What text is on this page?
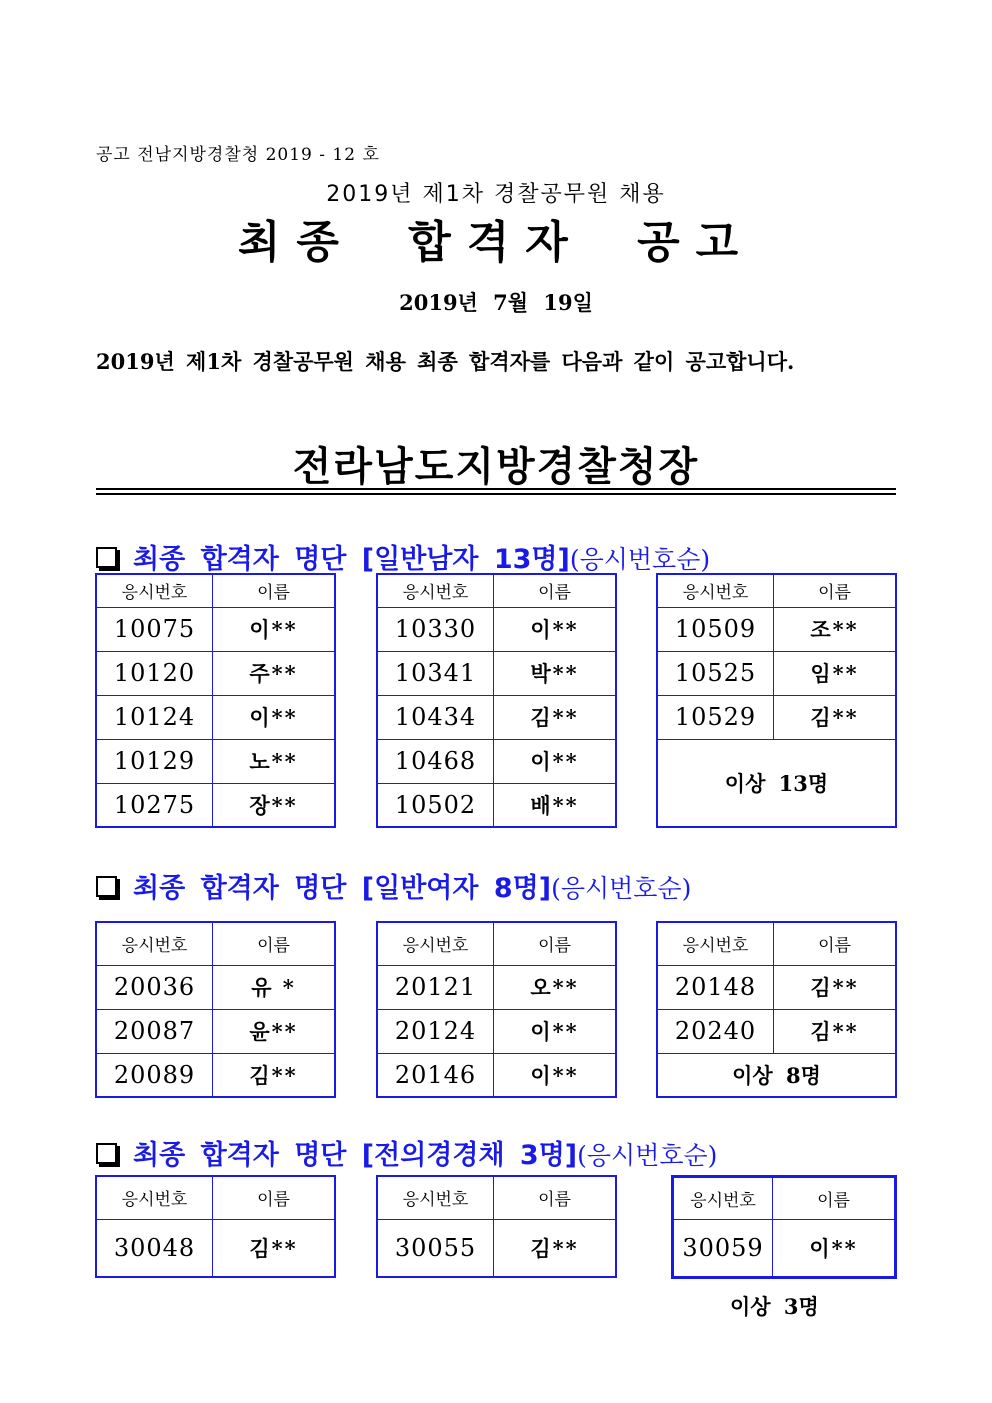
공고 전남지방경찰청 2019 - 12 호
2019년 제1차 경찰공무원 채용
최종 합격자 공고
2019년 7월 19일
2019년 제1차 경찰공무원 채용 최종 합격자를 다음과 같이 공고합니다.
전라남도지방경찰청장
최종 합격자 명단 [일반남자 13명] (응시번호순)
응시번호	이름
10075	이**
10120	주**
10124	이**
10129	노**
10275	장**
응시번호	이름
10330	이**
10341	박**
10434	김**
10468	이**
10502	배**
응시번호	이름
10509	조**
10525	임**
10529	김**
이상 13명	
최종 합격자 명단 [일반여자 8명] (응시번호순)
응시번호	이름
20036	유 *
20087	윤**
20089	김**
응시번호	이름
20121	오**
20124	이**
20146	이**
응시번호	이름
20148	김**
20240	김**
이상 8명	
최종 합격자 명단 [전의경경채 3명] (응시번호순)
응시번호	이름
30048	김**
응시번호	이름
30055	김**
응시번호	이름
30059	이**
이상 3명
